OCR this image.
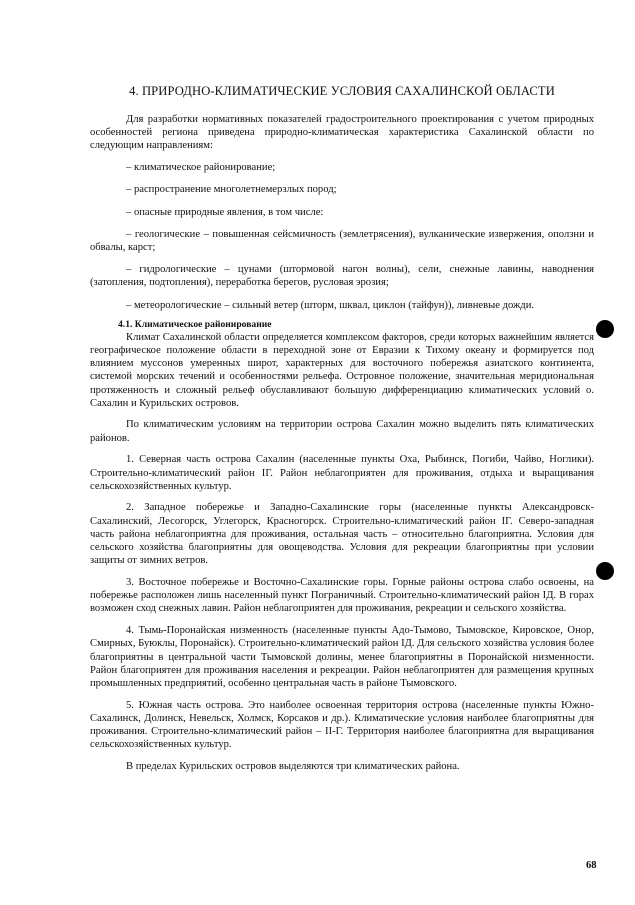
4. ПРИРОДНО-КЛИМАТИЧЕСКИЕ УСЛОВИЯ САХАЛИНСКОЙ ОБЛАСТИ

Для разработки нормативных показателей градостроительного проектирования с учетом природных особенностей региона приведена природно-климатическая характеристика Сахалинской области по следующим направлениям:

– климатическое районирование;

– распространение многолетнемерзлых пород;

– опасные природные явления, в том числе:

– геологические – повышенная сейсмичность (землетрясения), вулканические извержения, оползни и обвалы, карст;

– гидрологические – цунами (штормовой нагон волны), сели, снежные лавины, наводнения (затопления, подтопления), переработка берегов, русловая эрозия;

– метеорологические – сильный ветер (шторм, шквал, циклон (тайфун)), ливневые дожди.

4.1. Климатическое районирование

Климат Сахалинской области определяется комплексом факторов, среди которых важнейшим является географическое положение области в переходной зоне от Евразии к Тихому океану и формируется под влиянием муссонов умеренных широт, характерных для восточного побережья азиатского континента, системой морских течений и особенностями рельефа. Островное положение, значительная меридиональная протяженность и сложный рельеф обуславливают большую дифференциацию климатических условий о. Сахалин и Курильских островов.

По климатическим условиям на территории острова Сахалин можно выделить пять климатических районов.

1. Северная часть острова Сахалин (населенные пункты Оха, Рыбинск, Погиби, Чайво, Ноглики). Строительно-климатический район IГ. Район неблагоприятен для проживания, отдыха и выращивания сельскохозяйственных культур.

2. Западное побережье и Западно-Сахалинские горы (населенные пункты Александровск-Сахалинский, Лесогорск, Углегорск, Красногорск. Строительно-климатический район IГ. Северо-западная часть района неблагоприятна для проживания, остальная часть – относительно благоприятна. Условия для сельского хозяйства благоприятны для овощеводства. Условия для рекреации благоприятны при условии защиты от зимних ветров.

3. Восточное побережье и Восточно-Сахалинские горы. Горные районы острова слабо освоены, на побережье расположен лишь населенный пункт Пограничный. Строительно-климатический район IД. В горах возможен сход снежных лавин. Район неблагоприятен для проживания, рекреации и сельского хозяйства.

4. Тымь-Поронайская низменность (населенные пункты Адо-Тымово, Тымовское, Кировское, Онор, Смирных, Буюклы, Поронайск). Строительно-климатический район IД. Для сельского хозяйства условия более благоприятны в центральной части Тымовской долины, менее благоприятны в Поронайской низменности. Район благоприятен для проживания населения и рекреации. Район неблагоприятен для размещения крупных промышленных предприятий, особенно центральная часть в районе Тымовского.

5. Южная часть острова. Это наиболее освоенная территория острова (населенные пункты Южно-Сахалинск, Долинск, Невельск, Холмск, Корсаков и др.). Климатические условия наиболее благоприятны для проживания. Строительно-климатический район – II-Г. Территория наиболее благоприятна для выращивания сельскохозяйственных культур.

В пределах Курильских островов выделяются три климатических района.

68
